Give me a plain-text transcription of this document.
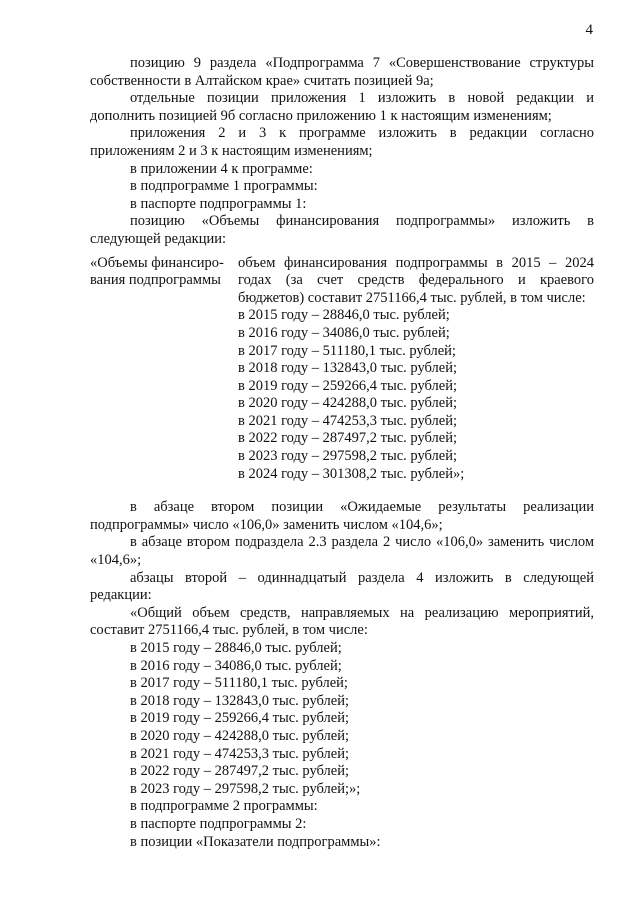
4

позицию 9 раздела «Подпрограмма 7 «Совершенствование структуры собственности в Алтайском крае» считать позицией 9а;

отдельные позиции приложения 1 изложить в новой редакции и дополнить позицией 9б согласно приложению 1 к настоящим изменениям;

приложения 2 и 3 к программе изложить в редакции согласно приложениям 2 и 3 к настоящим изменениям;

в приложении 4 к программе:

в подпрограмме 1 программы:

в паспорте подпрограммы 1:

позицию «Объемы финансирования подпрограммы» изложить в следующей редакции:

«Объемы финансиро- вания подпрограммы

объем финансирования подпрограммы в 2015 – 2024 годах (за счет средств федерального и краевого бюджетов) составит 2751166,4 тыс. рублей, в том числе:

в 2015 году – 28846,0 тыс. рублей;
в 2016 году – 34086,0 тыс. рублей;
в 2017 году – 511180,1 тыс. рублей;
в 2018 году – 132843,0 тыс. рублей;
в 2019 году – 259266,4 тыс. рублей;
в 2020 году – 424288,0 тыс. рублей;
в 2021 году – 474253,3 тыс. рублей;
в 2022 году – 287497,2 тыс. рублей;
в 2023 году – 297598,2 тыс. рублей;
в 2024 году – 301308,2 тыс. рублей»;

в абзаце втором позиции «Ожидаемые результаты реализации подпрограммы» число «106,0» заменить числом «104,6»;

в абзаце втором подраздела 2.3 раздела 2 число «106,0» заменить числом «104,6»;

абзацы второй – одиннадцатый раздела 4 изложить в следующей редакции:

«Общий объем средств, направляемых на реализацию мероприятий, составит 2751166,4 тыс. рублей, в том числе:

в 2015 году – 28846,0 тыс. рублей;
в 2016 году – 34086,0 тыс. рублей;
в 2017 году – 511180,1 тыс. рублей;
в 2018 году – 132843,0 тыс. рублей;
в 2019 году – 259266,4 тыс. рублей;
в 2020 году – 424288,0 тыс. рублей;
в 2021 году – 474253,3 тыс. рублей;
в 2022 году – 287497,2 тыс. рублей;
в 2023 году – 297598,2 тыс. рублей;»;

в подпрограмме 2 программы:

в паспорте подпрограммы 2:

в позиции «Показатели подпрограммы»:
